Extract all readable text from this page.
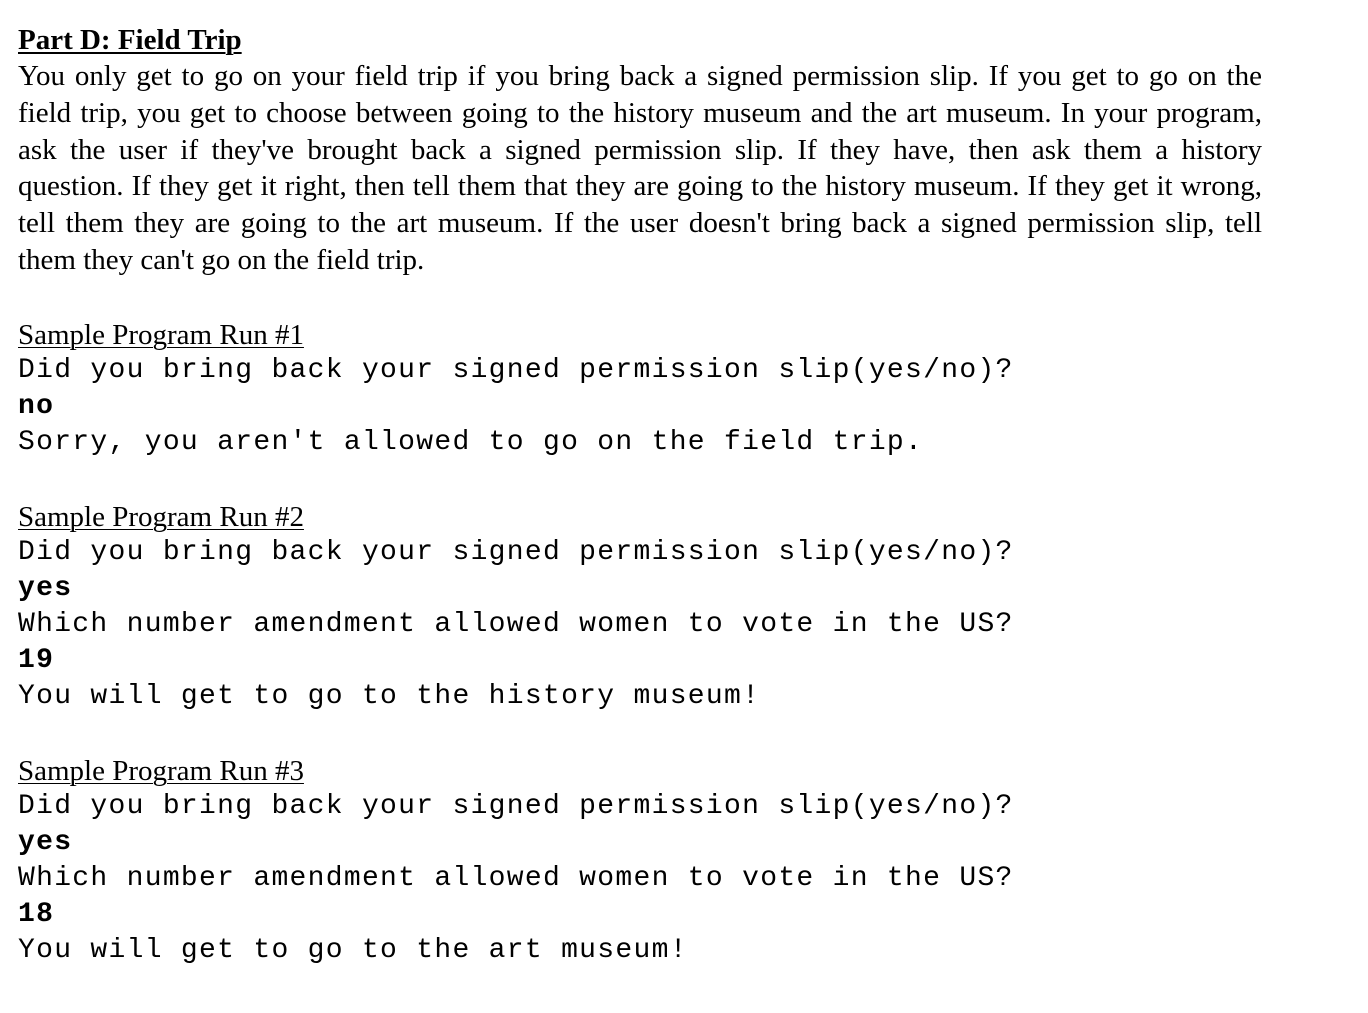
Part D: Field Trip

You only get to go on your field trip if you bring back a signed permission slip. If you get to go on the field trip, you get to choose between going to the history museum and the art museum. In your program, ask the user if they've brought back a signed permission slip. If they have, then ask them a history question. If they get it right, then tell them that they are going to the history museum. If they get it wrong, tell them they are going to the art museum. If the user doesn't bring back a signed permission slip, tell them they can't go on the field trip.

Sample Program Run #1
Did you bring back your signed permission slip(yes/no)?
no
Sorry, you aren't allowed to go on the field trip.
Sample Program Run #2
Did you bring back your signed permission slip(yes/no)?
yes
Which number amendment allowed women to vote in the US?
19
You will get to go to the history museum!
Sample Program Run #3
Did you bring back your signed permission slip(yes/no)?
yes
Which number amendment allowed women to vote in the US?
18
You will get to go to the art museum!
